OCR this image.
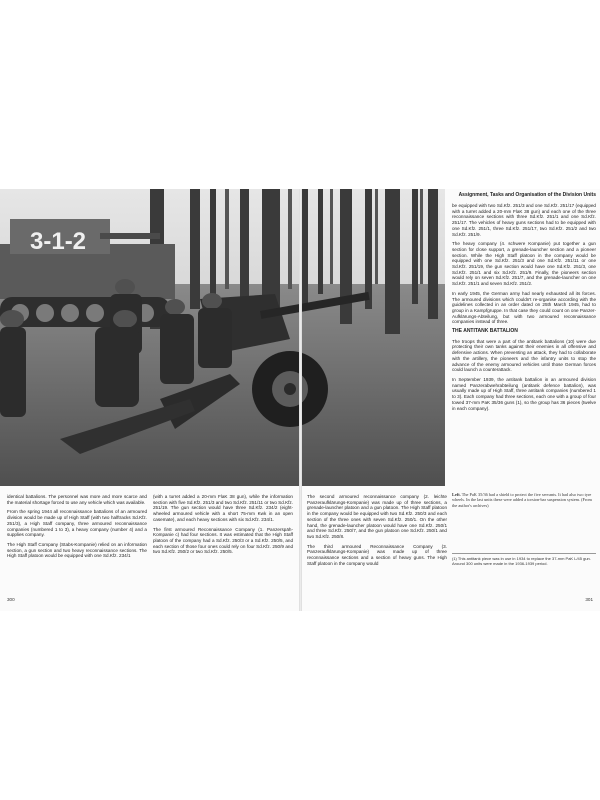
3-1-2
Assignment, Tasks and Organisation of the Division Units

identical battalions. The personnel was more and more scarce and the material shortage forced to use any vehicle which was available.

From the spring 1944 all reconnaissance battalions of an armoured division would be made up of High Staff (with two halftracks Sd.Kfz. 251/3), a High Staff company, three armoured reconnaissance companies (numbered 1 to 3), a heavy company (number 4) and a supplies company.

The High Staff Company (Stabs-Kompanie) relied on an information section, a gun section and two heavy reconnaissance sections. The High Staff platoon would be equipped with one Sd.Kfz. 234/1

(with a turret added a 20-mm FlaK 38 gun), while the information section with five Sd.Kfz. 251/3 and two Sd.Kfz. 251/11 or two Sd.Kfz. 251/19. The gun section would have three Sd.Kfz. 234/2 (eight-wheeled armoured vehicle with a short 75-mm Kwk in an open casemate), and each heavy sections with six Sd.Kfz. 234/1.

The first armoured Reconnaissance Company (1. Panzerspäh-Kompanie c) had four sections. It was estimated that the High Staff platoon of the company had a Sd.Kfz. 250/3 or a Sd.Kfz. 250/5, and each section of those four ones could rely on four Sd.Kfz. 250/9 and two Sd.Kfz. 250/2 or two Sd.Kfz. 250/5.

The second armoured reconnaissance company (2. leichte Panzeraufklärungs-Kompanie) was made up of three sections, a grenade-launcher platoon and a gun platoon. The High Staff platoon in the company would be equipped with two Sd.Kfz. 250/3 and each section of the three ones with seven Sd.Kfz. 250/1. On the other hand, the grenade-launcher platoon would have one Sd.Kfz. 250/1 and three Sd.Kfz. 250/7, and the gun platoon one Sd.Kfz. 250/1 and two Sd.Kfz. 250/8.

The third armoured Reconnaissance Company (3. Panzeraufklärungs-Kompanie) was made up of three reconnaissance sections and a section of heavy guns. The High Staff platoon in the company would

be equipped with two Sd.Kfz. 251/3 and one Sd.Kfz. 251/17 (equipped with a turret added a 20-mm FlaK 38 gun) and each one of the three reconnaissance sections with three Sd.Kfz. 251/1 and one Sd.Kfz. 251/17. The vehicles of heavy guns sections had to be equipped with one Sd.Kfz. 251/1, three Sd.Kfz. 251/17, two Sd.Kfz. 251/2 and two Sd.Kfz. 251/9.

The heavy company (4. schwere Kompanie) put together a gun section for close support, a grenade-launcher section and a pioneer section. While the High Staff platoon in the company would be equipped with one Sd.Kfz. 251/3 and one Sd.Kfz. 251/11 or one Sd.Kfz. 251/19, the gun section would have one Sd.Kfz. 251/3, one Sd.Kfz. 251/1 and six Sd.Kfz. 251/9. Finally, the pioneers section would rely on seven Sd.Kfz. 251/7, and the grenade-launcher on one Sd.Kfz. 251/1 and seven Sd.Kfz. 251/2.

In early 1945, the German army had nearly exhausted all its forces. The armoured divisions which couldn't re-organise according with the guidelines collected in an order dated on 25th March 1945, had to group in a Kampfgruppe. In that case they could count on one Panzer-Aufklärungs-Abteilung, but with two armoured reconnaissance companies instead of three.

THE ANTITANK BATTALION

The troops that were a part of the antitank battalions (10) were due protecting their own tanks against their enemies in all offensive and defensive actions. When preventing an attack, they had to collaborate with the artillery, the pioneers and the infantry units to stop the advance of the enemy armoured vehicles until those German forces could launch a counterattack.

In September 1939, the antitank battalion in an armoured division named Panzerabwehrabteilung (antitank defence battalion), was usually made up of High Staff, three antitank companies (numbered 1 to 3). Each company had three sections, each one with a group of four towed 37-mm PaK 35/36 guns (1), so the group has 36 pieces (twelve in each company).

Left. The PaK 35/36 had a shield to protect the five servants. It had also two tyre wheels. In the last units these were added a torsion-bar suspension system. (From the author's archives)
(1) This antitank piece was in use in 1934 to replace the 37-mm PaK L/45 gun. Around 300 units were made in the 1936-1939 period.
300	301
